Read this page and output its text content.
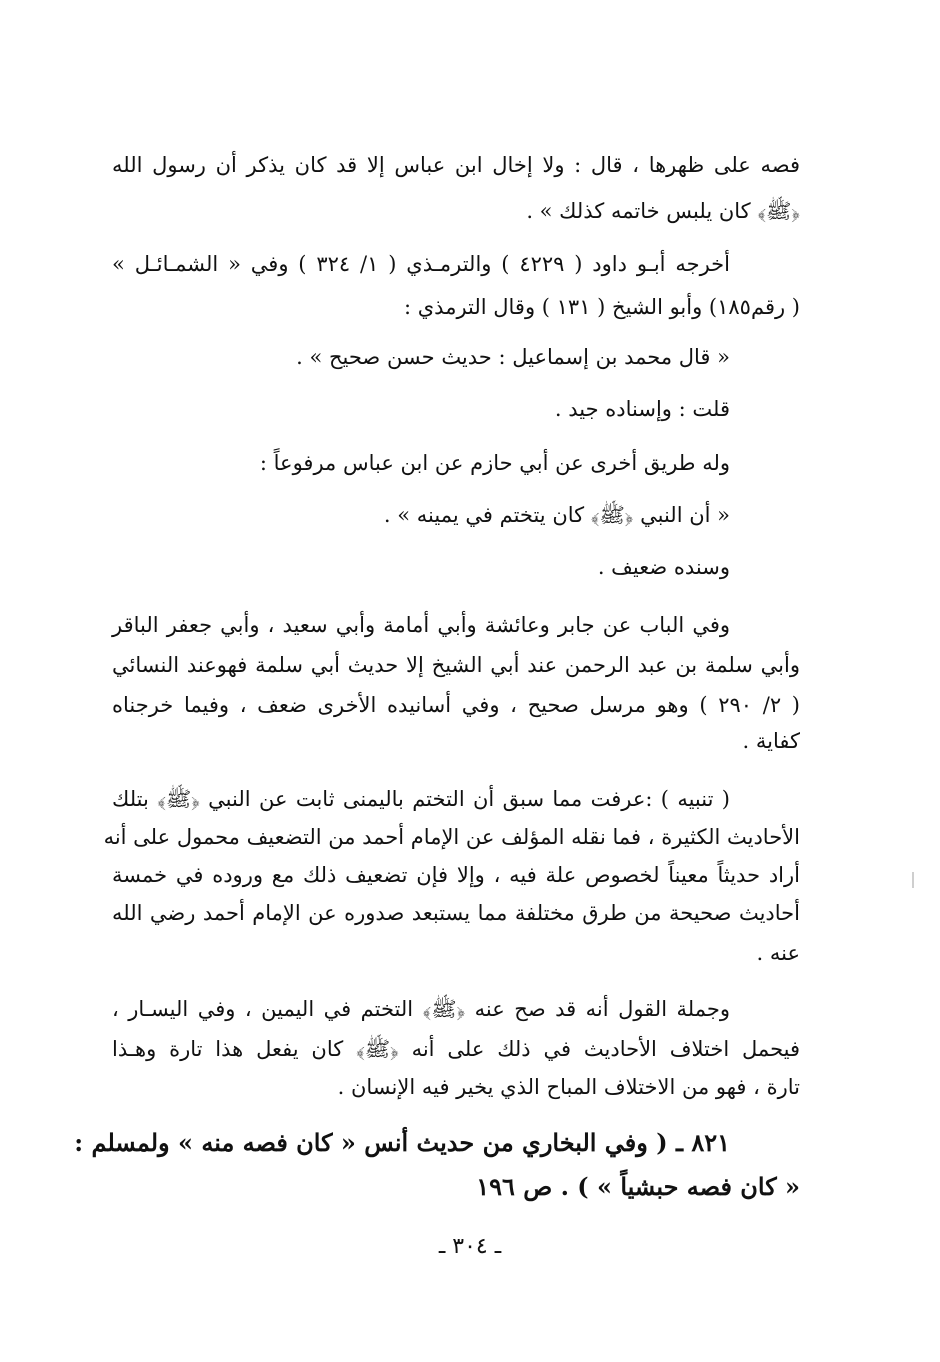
فصه على ظهرها ، قال : ولا إخال ابن عباس إلا قد كان يذكر أن رسول الله
﴿ﷺ﴾ كان يلبس خاتمه كذلك » .
أخرجه أبـو داود ( ٤٢٢٩ ) والترمـذي ( ١/ ٣٢٤ ) وفي « الشمـائـل »
( رقم١٨٥) وأبو الشيخ ( ١٣١ ) وقال الترمذي :
« قال محمد بن إسماعيل : حديث حسن صحيح » .
قلت : وإسناده جيد .
وله طريق أخرى عن أبي حازم عن ابن عباس مرفوعاً :
« أن النبي ﴿ﷺ﴾ كان يتختم في يمينه » .
وسنده ضعيف .
وفي الباب عن جابر وعائشة وأبي أمامة وأبي سعيد ، وأبي جعفر الباقر
وأبي سلمة بن عبد الرحمن عند أبي الشيخ إلا حديث أبي سلمة فهوعند النسائي
( ٢/ ٢٩٠ ) وهو مرسل صحيح ، وفي أسانيده الأخرى ضعف ، وفيما خرجناه
كفاية .
( تنبيه ) :عرفت مما سبق أن التختم باليمنى ثابت عن النبي ﴿ﷺ﴾ بتلك
الأحاديث الكثيرة ، فما نقله المؤلف عن الإمام أحمد من التضعيف محمول على أنه
أراد حديثاً معيناً لخصوص علة فيه ، وإلا فإن تضعيف ذلك مع وروده في خمسة
أحاديث صحيحة من طرق مختلفة مما يستبعد صدوره عن الإمام أحمد رضي الله
عنه .
وجملة القول أنه قد صح عنه ﴿ﷺ﴾ التختم في اليمين ، وفي اليسـار ،
فيحمل اختلاف الأحاديث في ذلك على أنه ﴿ﷺ﴾ كان يفعل هذا تارة وهـذا
تارة ، فهو من الاختلاف المباح الذي يخير فيه الإنسان .
٨٢١ ـ ( وفي البخاري من حديث أنس « كان فصه منه » ولمسلم :
« كان فصه حبشياً » ) . ص ١٩٦
ـ ٣٠٤ ـ
